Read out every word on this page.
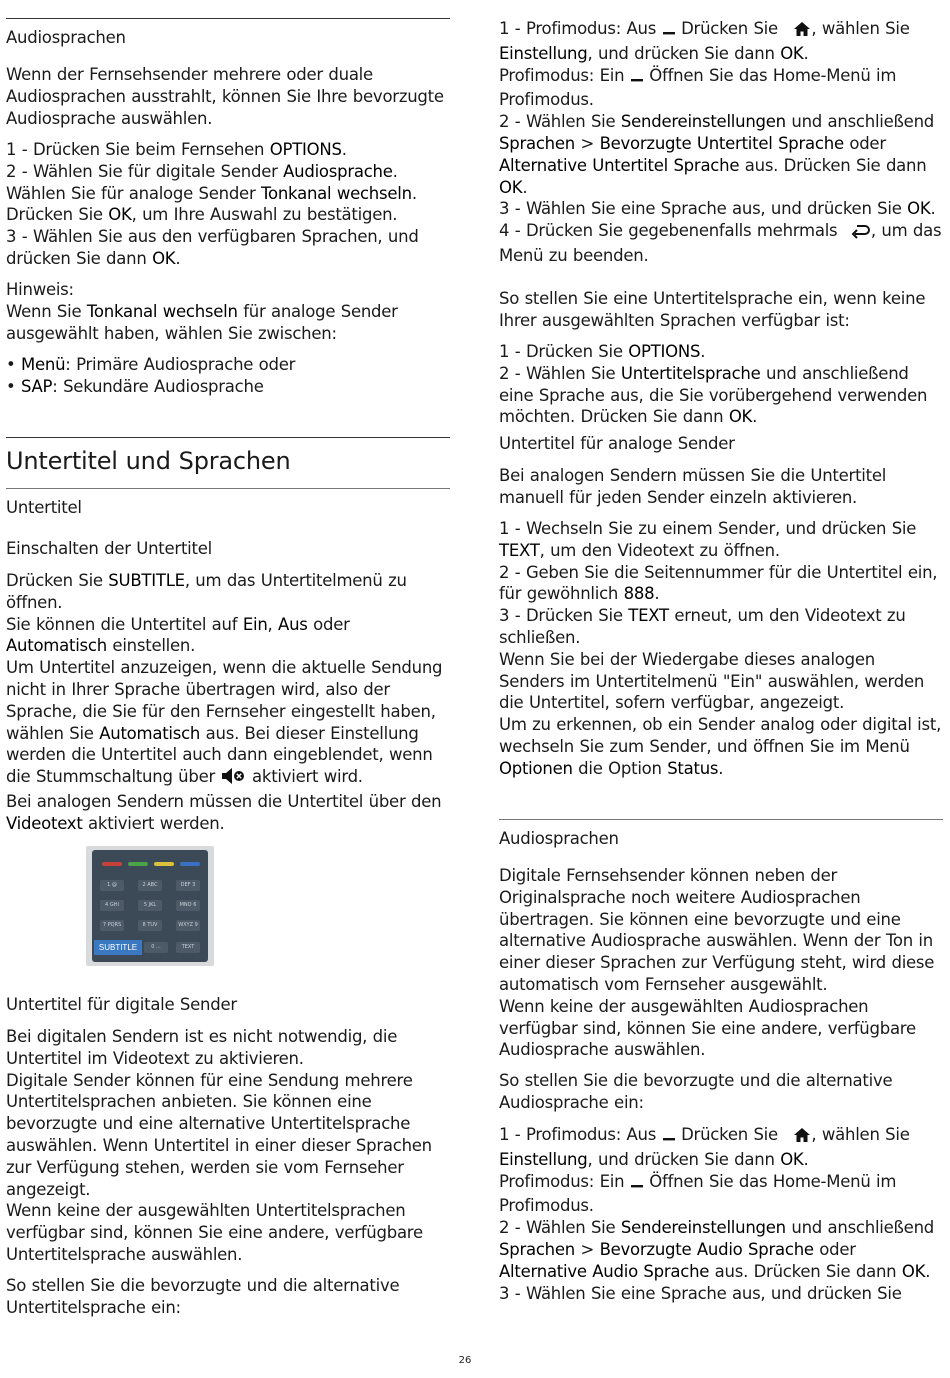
Audiosprachen

Wenn der Fernsehsender mehrere oder duale Audiosprachen ausstrahlt, können Sie Ihre bevorzugte Audiosprache auswählen.

1 - Drücken Sie beim Fernsehen OPTIONS.

2 - Wählen Sie für digitale Sender Audiosprache.

Wählen Sie für analoge Sender Tonkanal wechseln.

Drücken Sie OK, um Ihre Auswahl zu bestätigen.

3 - Wählen Sie aus den verfügbaren Sprachen, und drücken Sie dann OK.

Hinweis:

Wenn Sie Tonkanal wechseln für analoge Sender ausgewählt haben, wählen Sie zwischen:

• Menü: Primäre Audiosprache oder

• SAP: Sekundäre Audiosprache

Untertitel und Sprachen

Untertitel

Einschalten der Untertitel

Drücken Sie SUBTITLE, um das Untertitelmenü zu öffnen.

Sie können die Untertitel auf Ein, Aus oder Automatisch einstellen.

Um Untertitel anzuzeigen, wenn die aktuelle Sendung nicht in Ihrer Sprache übertragen wird, also der Sprache, die Sie für den Fernseher eingestellt haben, wählen Sie Automatisch aus. Bei dieser Einstellung werden die Untertitel auch dann eingeblendet, wenn die Stummschaltung über  aktiviert wird.

Bei analogen Sendern müssen die Untertitel über den Videotext aktiviert werden.

1 @	2 ABC	DEF 3
4 GHI	5 JKL	MNO 6
7 PQRS	8 TUV	WXYZ 9
0 ...	TEXT
SUBTITLE

Untertitel für digitale Sender

Bei digitalen Sendern ist es nicht notwendig, die Untertitel im Videotext zu aktivieren.

Digitale Sender können für eine Sendung mehrere Untertitelsprachen anbieten. Sie können eine bevorzugte und eine alternative Untertitelsprache auswählen. Wenn Untertitel in einer dieser Sprachen zur Verfügung stehen, werden sie vom Fernseher angezeigt.

Wenn keine der ausgewählten Untertitelsprachen verfügbar sind, können Sie eine andere, verfügbare Untertitelsprache auswählen.

So stellen Sie die bevorzugte und die alternative Untertitelsprache ein:

1 - Profimodus: Aus  Drücken Sie , wählen Sie Einstellung, und drücken Sie dann OK.

Profimodus: Ein  Öffnen Sie das Home-Menü im Profimodus.

2 - Wählen Sie Sendereinstellungen und anschließend Sprachen > Bevorzugte Untertitel Sprache oder Alternative Untertitel Sprache aus. Drücken Sie dann OK.

3 - Wählen Sie eine Sprache aus, und drücken Sie OK.

4 - Drücken Sie gegebenenfalls mehrmals , um das Menü zu beenden.

So stellen Sie eine Untertitelsprache ein, wenn keine Ihrer ausgewählten Sprachen verfügbar ist:

1 - Drücken Sie OPTIONS.

2 - Wählen Sie Untertitelsprache und anschließend eine Sprache aus, die Sie vorübergehend verwenden möchten. Drücken Sie dann OK.

Untertitel für analoge Sender

Bei analogen Sendern müssen Sie die Untertitel manuell für jeden Sender einzeln aktivieren.

1 - Wechseln Sie zu einem Sender, und drücken Sie TEXT, um den Videotext zu öffnen.

2 - Geben Sie die Seitennummer für die Untertitel ein, für gewöhnlich 888.

3 - Drücken Sie TEXT erneut, um den Videotext zu schließen.

Wenn Sie bei der Wiedergabe dieses analogen Senders im Untertitelmenü "Ein" auswählen, werden die Untertitel, sofern verfügbar, angezeigt.

Um zu erkennen, ob ein Sender analog oder digital ist, wechseln Sie zum Sender, und öffnen Sie im Menü Optionen die Option Status.

Audiosprachen

Digitale Fernsehsender können neben der Originalsprache noch weitere Audiosprachen übertragen. Sie können eine bevorzugte und eine alternative Audiosprache auswählen. Wenn der Ton in einer dieser Sprachen zur Verfügung steht, wird diese automatisch vom Fernseher ausgewählt.

Wenn keine der ausgewählten Audiosprachen verfügbar sind, können Sie eine andere, verfügbare Audiosprache auswählen.

So stellen Sie die bevorzugte und die alternative Audiosprache ein:

1 - Profimodus: Aus  Drücken Sie , wählen Sie Einstellung, und drücken Sie dann OK.

Profimodus: Ein  Öffnen Sie das Home-Menü im Profimodus.

2 - Wählen Sie Sendereinstellungen und anschließend Sprachen > Bevorzugte Audio Sprache oder Alternative Audio Sprache aus. Drücken Sie dann OK.

3 - Wählen Sie eine Sprache aus, und drücken Sie

26
